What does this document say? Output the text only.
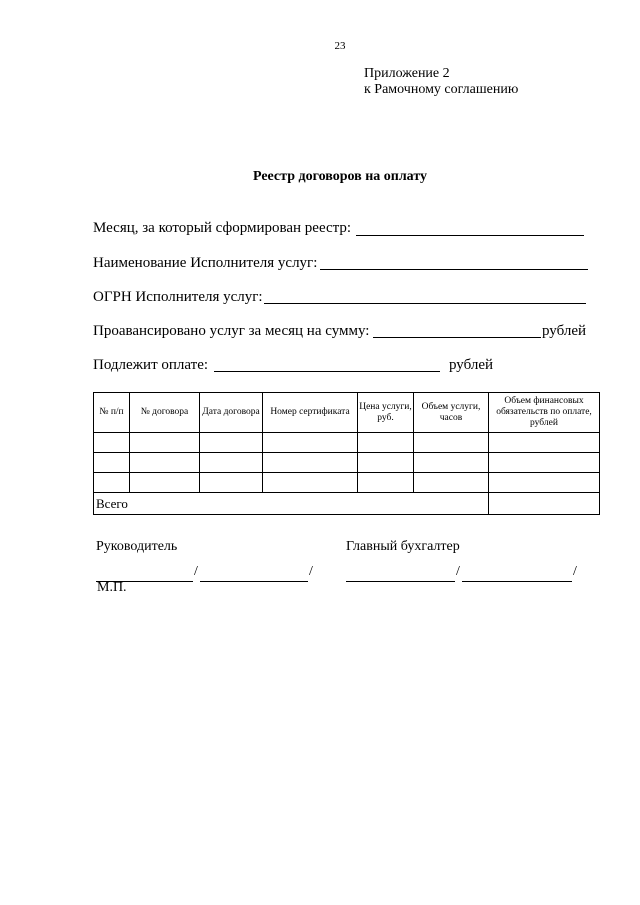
23
Приложение 2
к Рамочному соглашению
Реестр договоров на оплату
Месяц, за который сформирован реестр:
Наименование Исполнителя услуг:
ОГРН Исполнителя услуг:
Проавансировано услуг за месяц на сумму:	рублей
Подлежит оплате:	рублей
№ п/п	№ договора	Дата договора	Номер сертификата	Цена услуги, руб.	Объем услуги, часов	Объем финансовых обязательств по оплате, рублей

Всего						
Руководитель	Главный бухгалтер
/	/	/	/
М.П.
